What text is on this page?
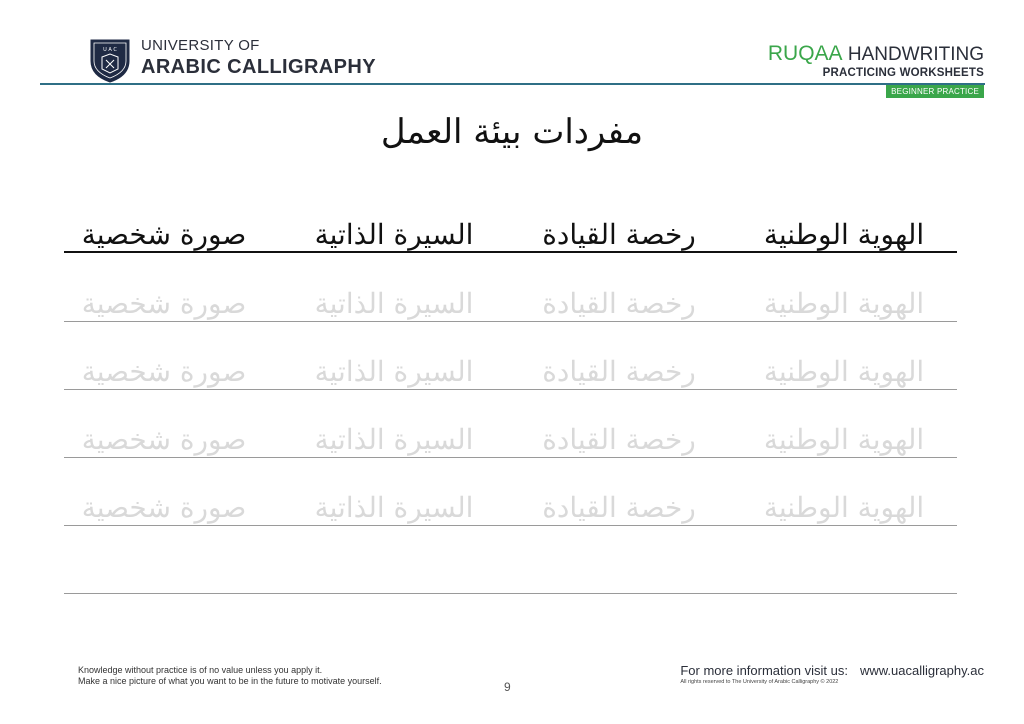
U A C UNIVERSITY OF
ARABIC CALLIGRAPHY
RUQAA HANDWRITING
PRACTICING WORKSHEETS
BEGINNER PRACTICE
مفردات بيئة العمل
الهوية الوطنية
رخصة القيادة
السيرة الذاتية
صورة شخصية
الهوية الوطنية
رخصة القيادة
السيرة الذاتية
صورة شخصية
الهوية الوطنية
رخصة القيادة
السيرة الذاتية
صورة شخصية
الهوية الوطنية
رخصة القيادة
السيرة الذاتية
صورة شخصية
الهوية الوطنية
رخصة القيادة
السيرة الذاتية
صورة شخصية
Knowledge without practice is of no value unless you apply it.
Make a nice picture of what you want to be in the future to motivate yourself.	9
For more information visit us: www.uacalligraphy.ac
All rights reserved to The University of Arabic Calligraphy © 2022
